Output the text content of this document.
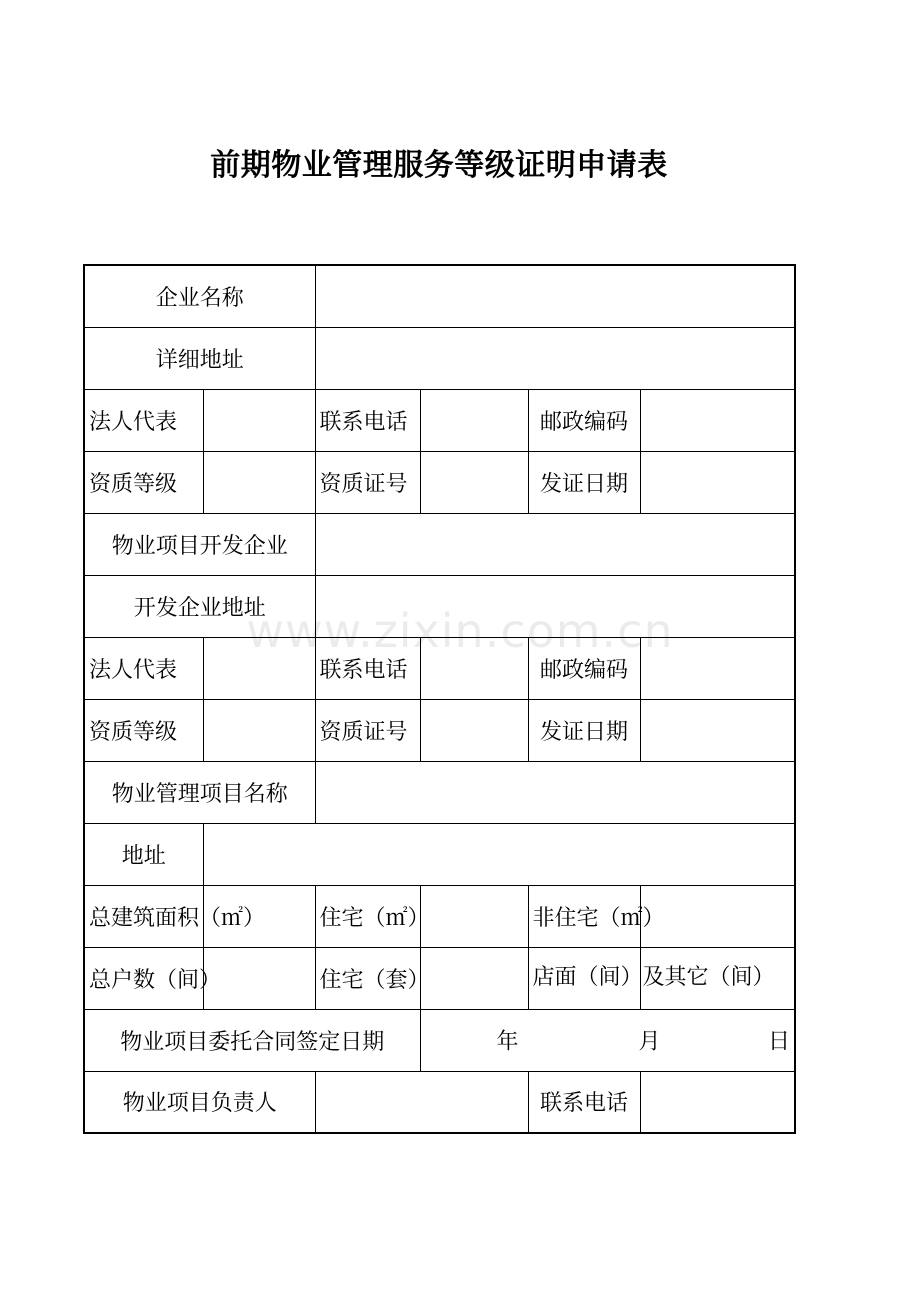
前期物业管理服务等级证明申请表
企业名称					
详细地址					
法人代表		联系电话		邮政编码	
资质等级		资质证号		发证日期	
物业项目开发企业					
开发企业地址					
法人代表		联系电话		邮政编码	
资质等级		资质证号		发证日期	
物业管理项目名称					
地址					
总建筑面积（㎡）		住宅（㎡）		非住宅（㎡）	
总户数（间）		住宅（套）		店面（间）及其它（间）	
物业项目委托合同签定日期			年 月 日		

物业项目负责人				联系电话	
www.zixin.com.cn
